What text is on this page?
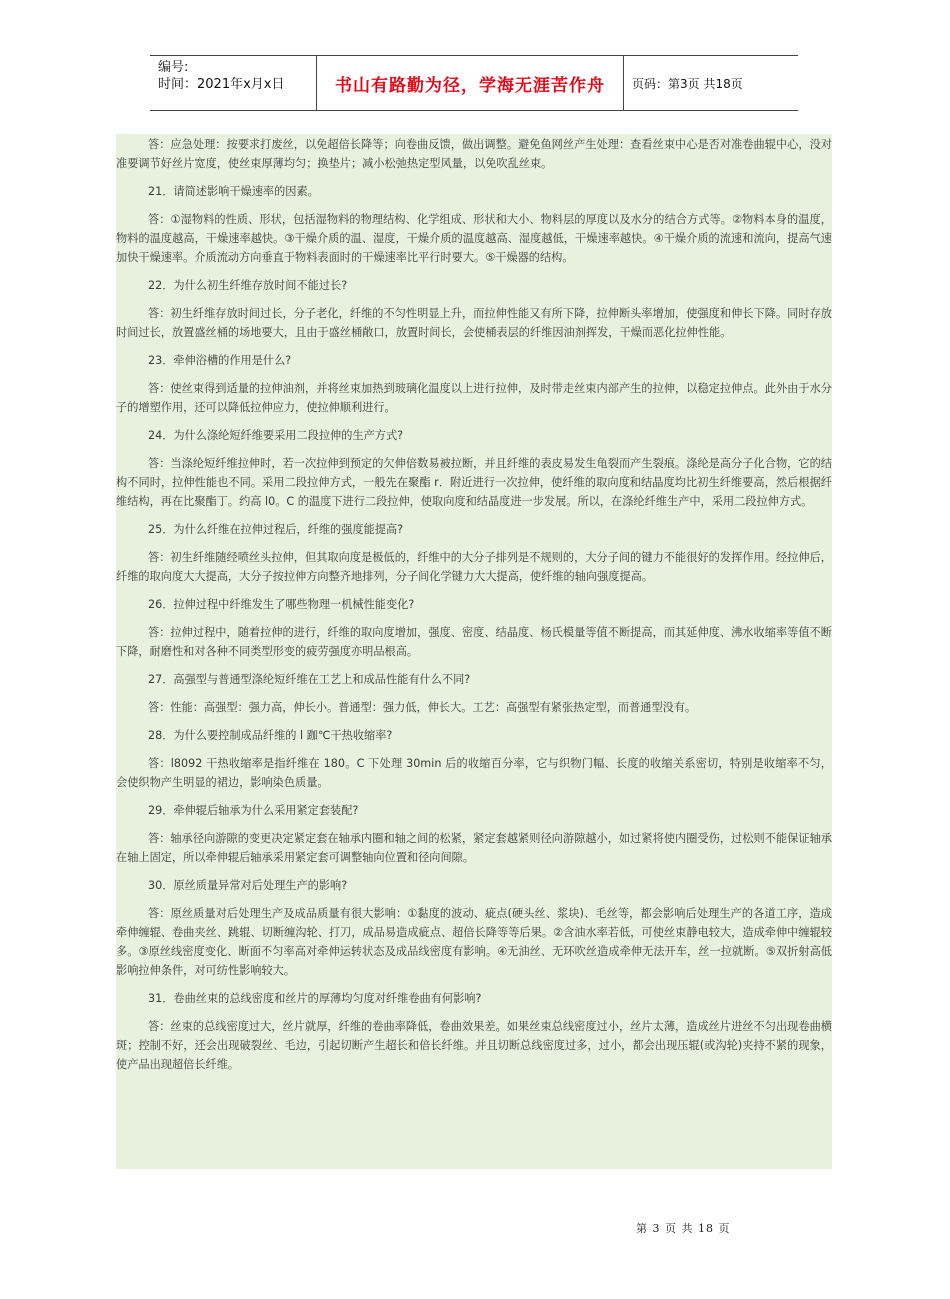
编号:
时间：2021年x月x日	书山有路勤为径，学海无涯苦作舟	页码：第3页 共18页

答：应急处理：按要求打废丝，以免超倍长降等；向卷曲反馈，做出调整。避免鱼网丝产生处理：查看丝束中心是否对准卷曲辊中心，没对准要调节好丝片宽度，使丝束厚薄均匀；换垫片；减小松弛热定型风量，以免吹乱丝束。

21．请简述影响干燥速率的因素。

答：①湿物料的性质、形状，包括湿物料的物理结构、化学组成、形状和大小、物料层的厚度以及水分的结合方式等。②物料本身的温度，物料的温度越高，干燥速率越快。③干燥介质的温、湿度，干燥介质的温度越高、湿度越低，干燥速率越快。④干燥介质的流速和流向，提高气速加快干燥速率。介质流动方向垂直于物料表面时的干燥速率比平行时要大。⑤干燥器的结构。

22．为什么初生纤维存放时间不能过长?

答：初生纤维存放时间过长，分子老化，纤维的不匀性明显上升，而拉伸性能又有所下降，拉伸断头率增加，使强度和伸长下降。同时存放时间过长，放置盛丝桶的场地要大，且由于盛丝桶敞口，放置时间长，会使桶表层的纤维因油剂挥发，干燥而恶化拉伸性能。

23．牵伸浴槽的作用是什么?

答：使丝束得到适量的拉伸油剂，并将丝束加热到玻璃化温度以上进行拉伸，及时带走丝束内部产生的拉伸，以稳定拉伸点。此外由于水分子的增塑作用，还可以降低拉伸应力，使拉伸顺利进行。

24．为什么涤纶短纤维要采用二段拉伸的生产方式?

答：当涤纶短纤维拉伸时，若一次拉伸到预定的欠伸倍数易被拉断，并且纤维的表皮易发生龟裂而产生裂痕。涤纶是高分子化合物，它的结构不同时，拉伸性能也不同。采用二段拉伸方式，一般先在聚酯 r．附近进行一次拉伸，使纤维的取向度和结晶度均比初生纤维要高，然后根据纤维结构，再在比聚酯丁。约高 l0。C 的温度下进行二段拉伸，使取向度和结晶度进一步发展。所以，在涤纶纤维生产中，采用二段拉伸方式。

25．为什么纤维在拉伸过程后，纤维的强度能提高?

答：初生纤维随经喷丝头拉伸，但其取向度是极低的，纤维中的大分子排列是不规则的，大分子间的键力不能很好的发挥作用。经拉伸后，纤维的取向度大大提高，大分子按拉伸方向整齐地排列，分子间化学键力大大提高，使纤维的轴向强度提高。

26．拉伸过程中纤维发生了哪些物理一机械性能变化?

答：拉伸过程中，随着拉伸的进行，纤维的取向度增加，强度、密度、结晶度、杨氏模量等值不断提高，而其延伸度、沸水收缩率等值不断下降，耐磨性和对各种不同类型形变的疲劳强度亦明品根高。

27．高强型与普通型涤纶短纤维在工艺上和成品性能有什么不同?

答：性能：高强型：强力高，伸长小。普通型：强力低，伸长大。工艺：高强型有紧张热定型，而普通型没有。

28．为什么要控制成品纤维的 l 跏℃干热收缩率?

答：l8092 干热收缩率是指纤维在 180。C 下处理 30min 后的收缩百分率，它与织物门幅、长度的收缩关系密切，特别是收缩率不匀，会使织物产生明显的裙边，影响染色质量。

29．牵伸辊后轴承为什么采用紧定套装配?

答：轴承径向游隙的变更决定紧定套在轴承内圈和轴之间的松紧，紧定套越紧则径向游隙越小，如过紧将使内圈受伤，过松则不能保证轴承在轴上固定，所以牵伸辊后轴承采用紧定套可调整轴向位置和径向间隙。

30．原丝质量异常对后处理生产的影响?

答：原丝质量对后处理生产及成品质量有很大影响：①黏度的波动、疵点(硬头丝、浆块)、毛丝等，都会影响后处理生产的各道工序，造成牵伸缠辊、卷曲夹丝、跳辊、切断缠沟轮、打刀，成品易造成疵点、超倍长降等等后果。②含油水率若低，可使丝束静电较大，造成牵伸中缠辊较多。③原丝线密度变化、断面不匀率高对牵伸运转状态及成品线密度有影响。④无油丝、无环吹丝造成牵伸无法开车，丝一拉就断。⑤双折射高低影响拉伸条件，对可纺性影响较大。

31．卷曲丝束的总线密度和丝片的厚薄均匀度对纤维卷曲有何影响?

答：丝束的总线密度过大，丝片就厚，纤维的卷曲率降低，卷曲效果差。如果丝束总线密度过小，丝片太薄，造成丝片进丝不匀出现卷曲横斑；控制不好，还会出现破裂丝、毛边，引起切断产生超长和倍长纤维。并且切断总线密度过多，过小，都会出现压辊(或沟轮)夹持不紧的现象，使产品出现超倍长纤维。

第 3 页 共 18 页
